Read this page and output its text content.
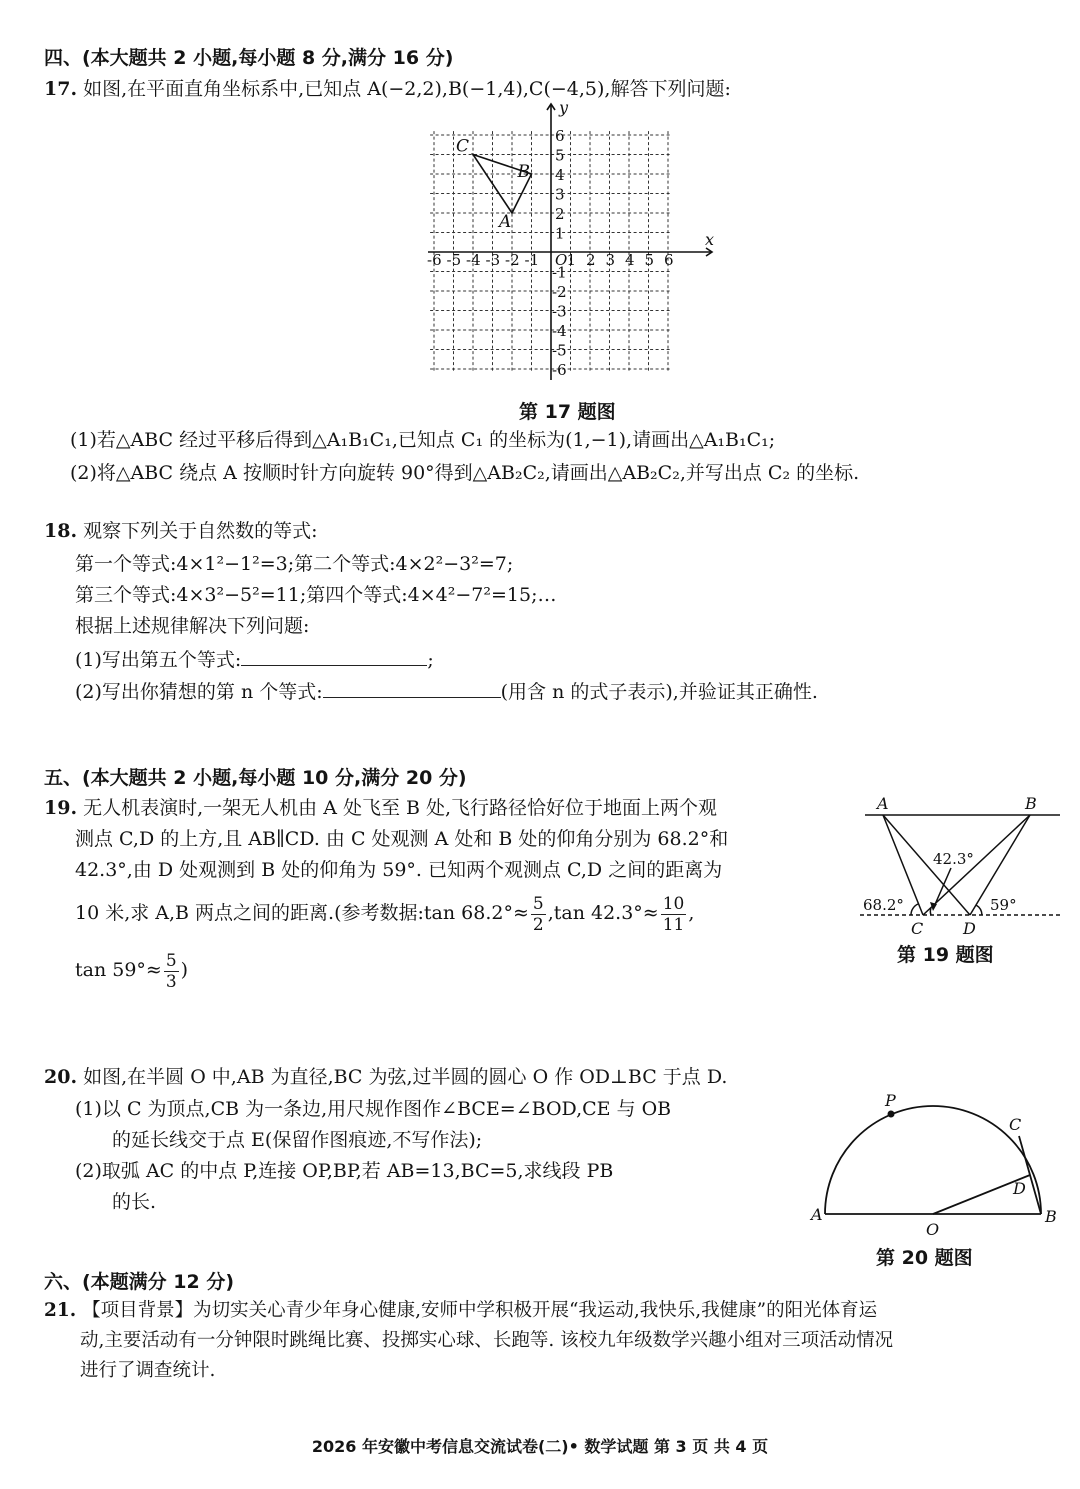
四、(本大题共 2 小题,每小题 8 分,满分 16 分)
17. 如图,在平面直角坐标系中,已知点 A(−2,2),B(−1,4),C(−4,5),解答下列问题:
-6 -5 -4 -3 -2 -1 1 2 3 4 5 6
6
5
4
3
2
1
-1
-2
-3
-4
-5
-6
A
B
C
x
y
O
第 17 题图
(1)若△ABC 经过平移后得到△A₁B₁C₁,已知点 C₁ 的坐标为(1,−1),请画出△A₁B₁C₁;
(2)将△ABC 绕点 A 按顺时针方向旋转 90°得到△AB₂C₂,请画出△AB₂C₂,并写出点 C₂ 的坐标.
18. 观察下列关于自然数的等式:
第一个等式:4×1²−1²=3;第二个等式:4×2²−3²=7;
第三个等式:4×3²−5²=11;第四个等式:4×4²−7²=15;…
根据上述规律解决下列问题:
(1)写出第五个等式:	;
(2)写出你猜想的第 n 个等式:	(用含 n 的式子表示),并验证其正确性.
五、(本大题共 2 小题,每小题 10 分,满分 20 分)
19. 无人机表演时,一架无人机由 A 处飞至 B 处,飞行路径恰好位于地面上两个观
测点 C,D 的上方,且 AB∥CD. 由 C 处观测 A 处和 B 处的仰角分别为 68.2°和
42.3°,由 D 处观测到 B 处的仰角为 59°. 已知两个观测点 C,D 之间的距离为
10 米,求 A,B 两点之间的距离.(参考数据:tan $68.2^\circ\approx \frac{5}{2} ,\tan$ $42.3^\circ\approx \frac{10}{11}$ ,
$\tan 59^\circ\approx \frac{5}{3}$ )
A	B
C D
68.2°
42.3°
59°
第 19 题图
20. 如图,在半圆 O 中,AB 为直径,BC 为弦,过半圆的圆心 O 作 OD⊥BC 于点 D.
(1)以 C 为顶点,CB 为一条边,用尺规作图作∠BCE=∠BOD,CE 与 OB
的延长线交于点 E(保留作图痕迹,不写作法);
(2)取弧 AC 的中点 P,连接 OP,BP,若 AB=13,BC=5,求线段 PB
的长.
P
C
D
A
O
B
第 20 题图
六、(本题满分 12 分)
21. 【项目背景】为切实关心青少年身心健康,安师中学积极开展“我运动,我快乐,我健康”的阳光体育运
动,主要活动有一分钟限时跳绳比赛、投掷实心球、长跑等. 该校九年级数学兴趣小组对三项活动情况
进行了调查统计.
2026 年安徽中考信息交流试卷(二)• 数学试题 第 3 页 共 4 页
